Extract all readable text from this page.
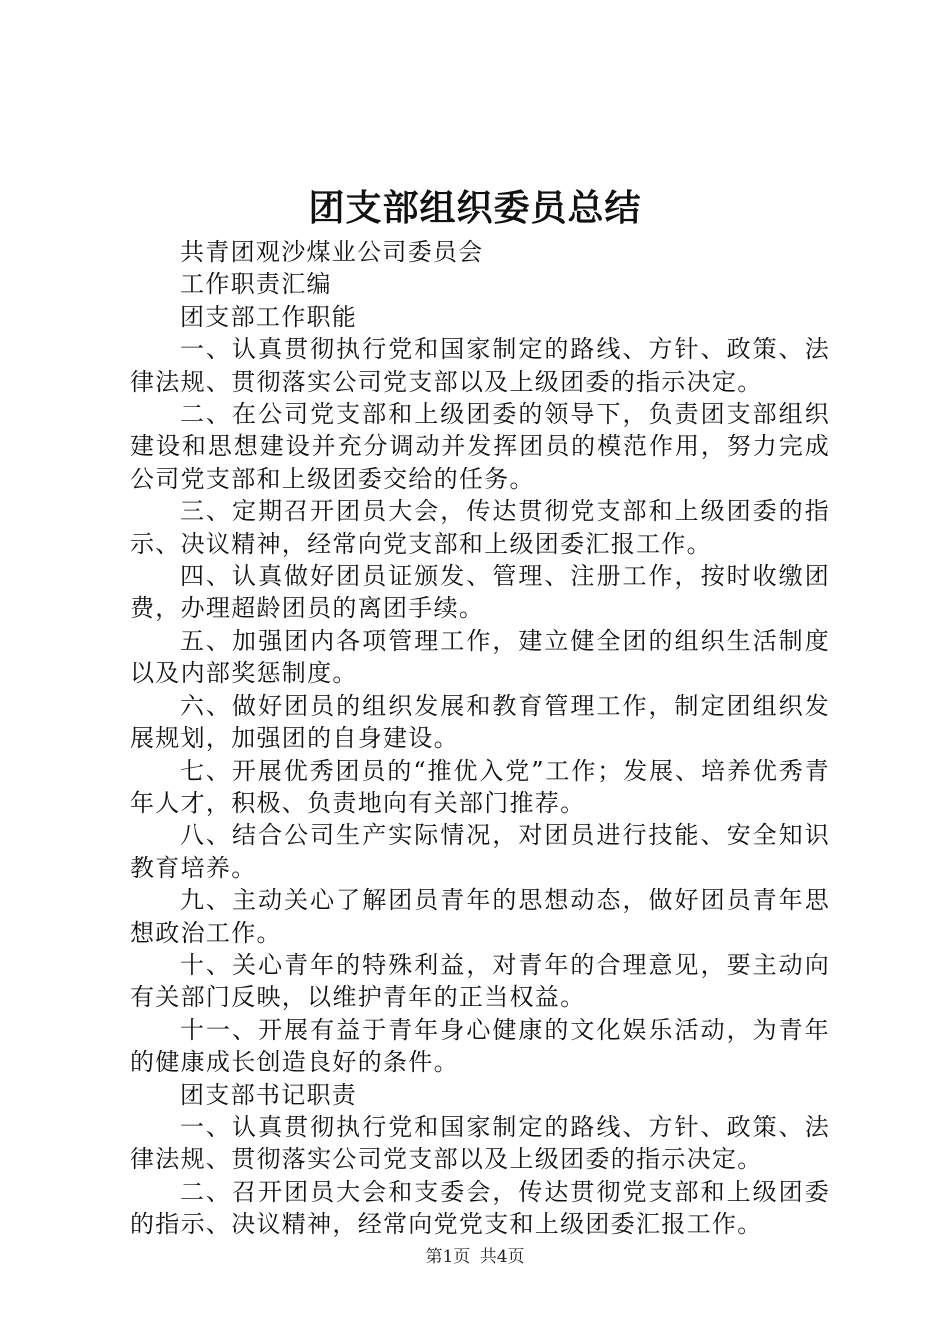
团支部组织委员总结

共青团观沙煤业公司委员会

工作职责汇编

团支部工作职能

一、认真贯彻执行党和国家制定的路线、方针、政策、法律法规、贯彻落实公司党支部以及上级团委的指示决定。

二、在公司党支部和上级团委的领导下，负责团支部组织建设和思想建设并充分调动并发挥团员的模范作用，努力完成公司党支部和上级团委交给的任务。

三、定期召开团员大会，传达贯彻党支部和上级团委的指示、决议精神，经常向党支部和上级团委汇报工作。

四、认真做好团员证颁发、管理、注册工作，按时收缴团费，办理超龄团员的离团手续。

五、加强团内各项管理工作，建立健全团的组织生活制度以及内部奖惩制度。

六、做好团员的组织发展和教育管理工作，制定团组织发展规划，加强团的自身建设。

七、开展优秀团员的“推优入党”工作；发展、培养优秀青年人才，积极、负责地向有关部门推荐。

八、结合公司生产实际情况，对团员进行技能、安全知识教育培养。

九、主动关心了解团员青年的思想动态，做好团员青年思想政治工作。

十、关心青年的特殊利益，对青年的合理意见，要主动向有关部门反映，以维护青年的正当权益。

十一、开展有益于青年身心健康的文化娱乐活动，为青年的健康成长创造良好的条件。

团支部书记职责

一、认真贯彻执行党和国家制定的路线、方针、政策、法律法规、贯彻落实公司党支部以及上级团委的指示决定。

二、召开团员大会和支委会，传达贯彻党支部和上级团委的指示、决议精神，经常向党党支和上级团委汇报工作。

第1页 共4页
